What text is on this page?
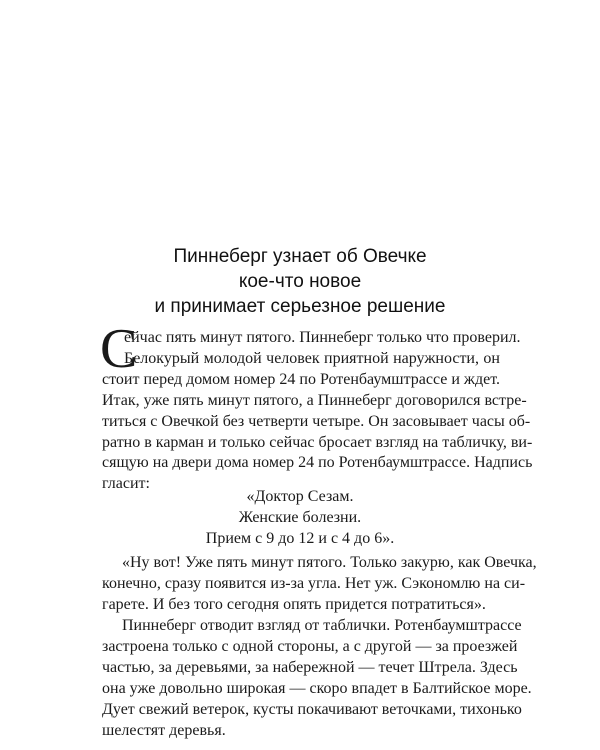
Пиннеберг узнает об Овечке
кое-что новое
и принимает серьезное решение
С
ейчас пять минут пятого. Пиннеберг только что проверил.
Белокурый молодой человек приятной наружности, он
стоит перед домом номер 24 по Ротенбаумштрассе и ждет.
Итак, уже пять минут пятого, а Пиннеберг договорился встре-
титься с Овечкой без четверти четыре. Он засовывает часы об-
ратно в карман и только сейчас бросает взгляд на табличку, ви-
сящую на двери дома номер 24 по Ротенбаумштрассе. Надпись
гласит:
«Доктор Сезам.
Женские болезни.
Прием с 9 до 12 и с 4 до 6».
«Ну вот! Уже пять минут пятого. Только закурю, как Овечка,
конечно, сразу появится из-за угла. Нет уж. Сэкономлю на си-
гарете. И без того сегодня опять придется потратиться».
Пиннеберг отводит взгляд от таблички. Ротенбаумштрассе
застроена только с одной стороны, а с другой — за проезжей
частью, за деревьями, за набережной — течет Штрела. Здесь
она уже довольно широкая — скоро впадет в Балтийское море.
Дует свежий ветерок, кусты покачивают веточками, тихонько
шелестят деревья.
